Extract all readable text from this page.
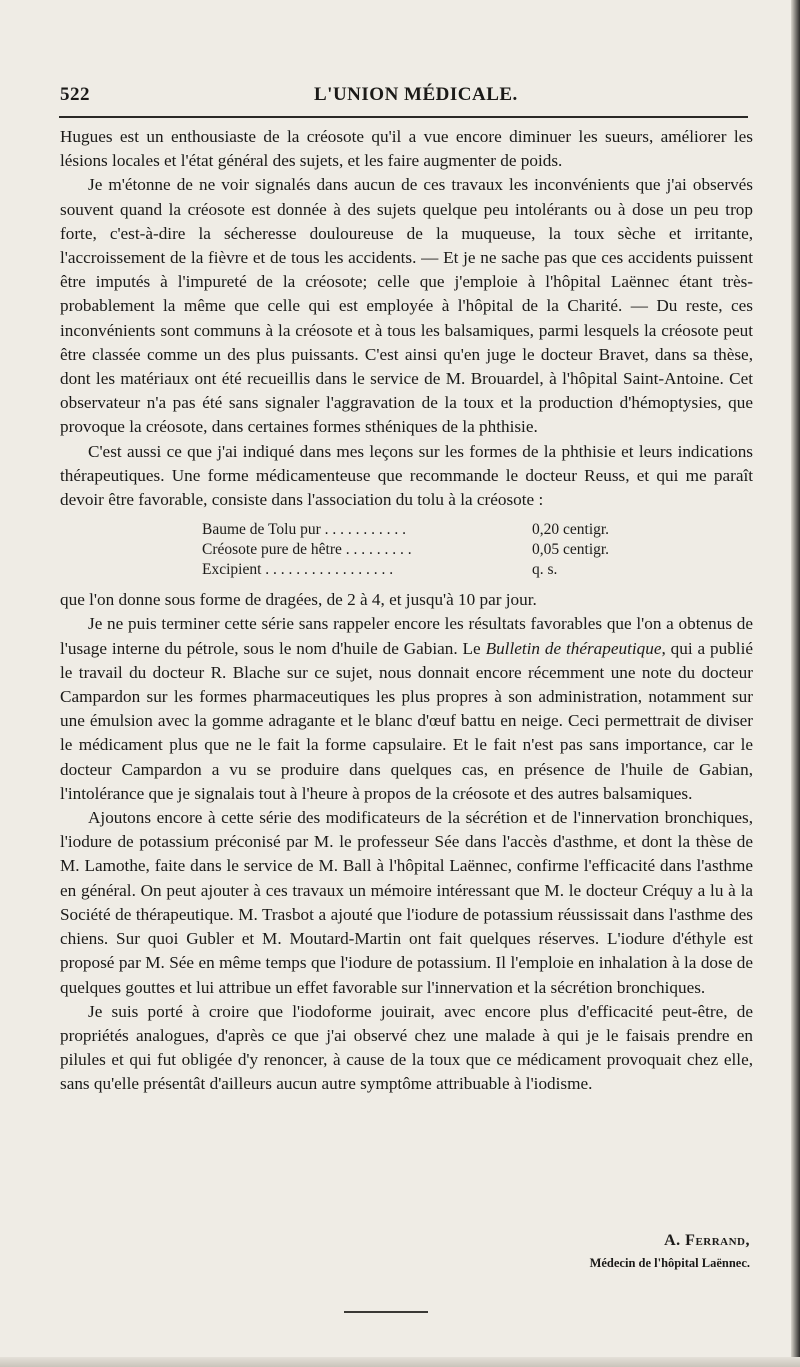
522	L'UNION MÉDICALE.

Hugues est un enthousiaste de la créosote qu'il a vue encore diminuer les sueurs, améliorer les lésions locales et l'état général des sujets, et les faire augmenter de poids.

Je m'étonne de ne voir signalés dans aucun de ces travaux les inconvénients que j'ai observés souvent quand la créosote est donnée à des sujets quelque peu intolérants ou à dose un peu trop forte, c'est-à-dire la sécheresse douloureuse de la muqueuse, la toux sèche et irritante, l'accroissement de la fièvre et de tous les accidents. — Et je ne sache pas que ces accidents puissent être imputés à l'impureté de la créosote; celle que j'emploie à l'hôpital Laënnec étant très-probablement la même que celle qui est employée à l'hôpital de la Charité. — Du reste, ces inconvénients sont communs à la créosote et à tous les balsamiques, parmi lesquels la créosote peut être classée comme un des plus puissants. C'est ainsi qu'en juge le docteur Bravet, dans sa thèse, dont les matériaux ont été recueillis dans le service de M. Brouardel, à l'hôpital Saint-Antoine. Cet observateur n'a pas été sans signaler l'aggravation de la toux et la production d'hémoptysies, que provoque la créosote, dans certaines formes sthéniques de la phthisie.

C'est aussi ce que j'ai indiqué dans mes leçons sur les formes de la phthisie et leurs indications thérapeutiques. Une forme médicamenteuse que recommande le docteur Reuss, et qui me paraît devoir être favorable, consiste dans l'association du tolu à la créosote :

Baume de Tolu pur . . . . . . . . . . .	0,20 centigr.
Créosote pure de hêtre . . . . . . . . .	0,05 centigr.
Excipient . . . . . . . . . . . . . . . . .	q. s.

que l'on donne sous forme de dragées, de 2 à 4, et jusqu'à 10 par jour.

Je ne puis terminer cette série sans rappeler encore les résultats favorables que l'on a obtenus de l'usage interne du pétrole, sous le nom d'huile de Gabian. Le Bulletin de thérapeutique, qui a publié le travail du docteur R. Blache sur ce sujet, nous donnait encore récemment une note du docteur Campardon sur les formes pharmaceutiques les plus propres à son administration, notamment sur une émulsion avec la gomme adragante et le blanc d'œuf battu en neige. Ceci permettrait de diviser le médicament plus que ne le fait la forme capsulaire. Et le fait n'est pas sans importance, car le docteur Campardon a vu se produire dans quelques cas, en présence de l'huile de Gabian, l'intolérance que je signalais tout à l'heure à propos de la créosote et des autres balsamiques.

Ajoutons encore à cette série des modificateurs de la sécrétion et de l'innervation bronchiques, l'iodure de potassium préconisé par M. le professeur Sée dans l'accès d'asthme, et dont la thèse de M. Lamothe, faite dans le service de M. Ball à l'hôpital Laënnec, confirme l'efficacité dans l'asthme en général. On peut ajouter à ces travaux un mémoire intéressant que M. le docteur Créquy a lu à la Société de thérapeutique. M. Trasbot a ajouté que l'iodure de potassium réussissait dans l'asthme des chiens. Sur quoi Gubler et M. Moutard-Martin ont fait quelques réserves. L'iodure d'éthyle est proposé par M. Sée en même temps que l'iodure de potassium. Il l'emploie en inhalation à la dose de quelques gouttes et lui attribue un effet favorable sur l'innervation et la sécrétion bronchiques.

Je suis porté à croire que l'iodoforme jouirait, avec encore plus d'efficacité peut-être, de propriétés analogues, d'après ce que j'ai observé chez une malade à qui je le faisais prendre en pilules et qui fut obligée d'y renoncer, à cause de la toux que ce médicament provoquait chez elle, sans qu'elle présentât d'ailleurs aucun autre symptôme attribuable à l'iodisme.

A. Ferrand,
Médecin de l'hôpital Laënnec.
